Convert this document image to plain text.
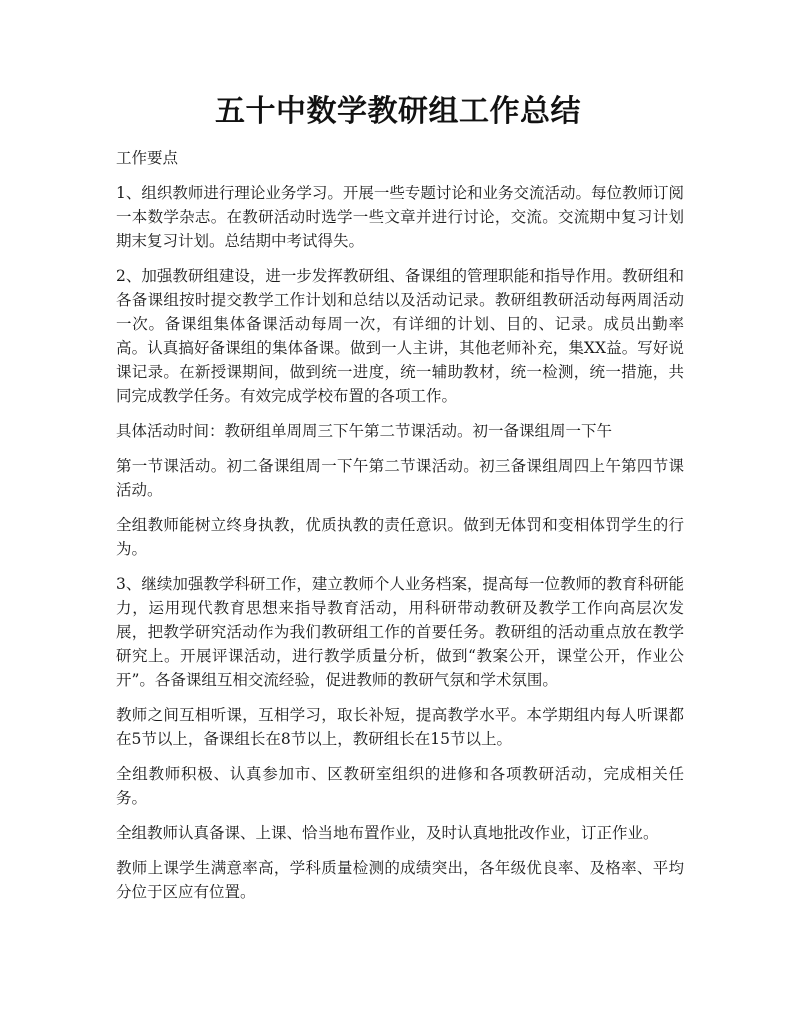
五十中数学教研组工作总结

工作要点

1、组织教师进行理论业务学习。开展一些专题讨论和业务交流活动。每位教师订阅一本数学杂志。在教研活动时选学一些文章并进行讨论，交流。交流期中复习计划期末复习计划。总结期中考试得失。

2、加强教研组建设，进一步发挥教研组、备课组的管理职能和指导作用。教研组和各备课组按时提交教学工作计划和总结以及活动记录。教研组教研活动每两周活动一次。备课组集体备课活动每周一次，有详细的计划、目的、记录。成员出勤率高。认真搞好备课组的集体备课。做到一人主讲，其他老师补充，集XX益。写好说课记录。在新授课期间，做到统一进度，统一辅助教材，统一检测，统一措施，共同完成教学任务。有效完成学校布置的各项工作。

具体活动时间：教研组单周周三下午第二节课活动。初一备课组周一下午

第一节课活动。初二备课组周一下午第二节课活动。初三备课组周四上午第四节课活动。

全组教师能树立终身执教，优质执教的责任意识。做到无体罚和变相体罚学生的行为。

3、继续加强教学科研工作，建立教师个人业务档案，提高每一位教师的教育科研能力，运用现代教育思想来指导教育活动，用科研带动教研及教学工作向高层次发展，把教学研究活动作为我们教研组工作的首要任务。教研组的活动重点放在教学研究上。开展评课活动，进行教学质量分析，做到“教案公开，课堂公开，作业公开”。各备课组互相交流经验，促进教师的教研气氛和学术氛围。

教师之间互相听课，互相学习，取长补短，提高教学水平。本学期组内每人听课都在5节以上，备课组长在8节以上，教研组长在15节以上。

全组教师积极、认真参加市、区教研室组织的进修和各项教研活动，完成相关任务。

全组教师认真备课、上课、恰当地布置作业，及时认真地批改作业，订正作业。

教师上课学生满意率高，学科质量检测的成绩突出，各年级优良率、及格率、平均分位于区应有位置。
